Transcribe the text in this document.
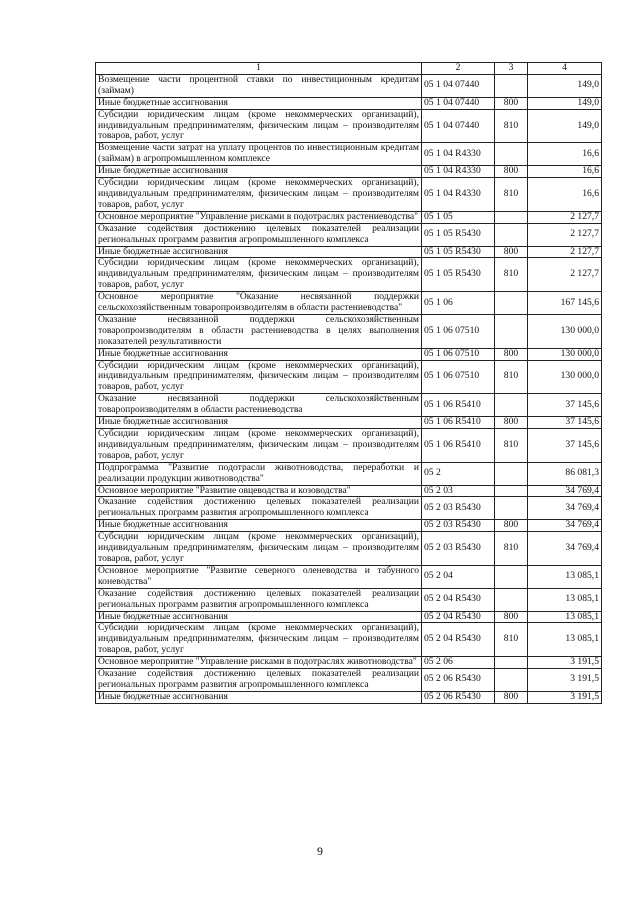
1	2	3	4
Возмещение части процентной ставки по инвестиционным кредитам (займам)	05 1 04 07440		149,0
Иные бюджетные ассигнования	05 1 04 07440	800	149,0
Субсидии юридическим лицам (кроме некоммерческих организаций), индивидуальным предпринимателям, физическим лицам – производителям товаров, работ, услуг	05 1 04 07440	810	149,0
Возмещение части затрат на уплату процентов по инвестиционным кредитам (займам) в агропромышленном комплексе	05 1 04 R4330		16,6
Иные бюджетные ассигнования	05 1 04 R4330	800	16,6
Субсидии юридическим лицам (кроме некоммерческих организаций), индивидуальным предпринимателям, физическим лицам – производителям товаров, работ, услуг	05 1 04 R4330	810	16,6
Основное мероприятие "Управление рисками в подотраслях растениеводства"	05 1 05		2 127,7
Оказание содействия достижению целевых показателей реализации региональных программ развития агропромышленного комплекса	05 1 05 R5430		2 127,7
Иные бюджетные ассигнования	05 1 05 R5430	800	2 127,7
Субсидии юридическим лицам (кроме некоммерческих организаций), индивидуальным предпринимателям, физическим лицам – производителям товаров, работ, услуг	05 1 05 R5430	810	2 127,7
Основное мероприятие "Оказание несвязанной поддержки сельскохозяйственным товаропроизводителям в области растениеводства"	05 1 06		167 145,6
Оказание несвязанной поддержки сельскохозяйственным товаропроизводителям в области растениеводства в целях выполнения показателей результативности	05 1 06 07510		130 000,0
Иные бюджетные ассигнования	05 1 06 07510	800	130 000,0
Субсидии юридическим лицам (кроме некоммерческих организаций), индивидуальным предпринимателям, физическим лицам – производителям товаров, работ, услуг	05 1 06 07510	810	130 000,0
Оказание несвязанной поддержки сельскохозяйственным товаропроизводителям в области растениеводства	05 1 06 R5410		37 145,6
Иные бюджетные ассигнования	05 1 06 R5410	800	37 145,6
Субсидии юридическим лицам (кроме некоммерческих организаций), индивидуальным предпринимателям, физическим лицам – производителям товаров, работ, услуг	05 1 06 R5410	810	37 145,6
Подпрограмма "Развитие подотрасли животноводства, переработки и реализации продукции животноводства"	05 2		86 081,3
Основное мероприятие "Развитие овцеводства и козоводства"	05 2 03		34 769,4
Оказание содействия достижению целевых показателей реализации региональных программ развития агропромышленного комплекса	05 2 03 R5430		34 769,4
Иные бюджетные ассигнования	05 2 03 R5430	800	34 769,4
Субсидии юридическим лицам (кроме некоммерческих организаций), индивидуальным предпринимателям, физическим лицам – производителям товаров, работ, услуг	05 2 03 R5430	810	34 769,4
Основное мероприятие "Развитие северного оленеводства и табунного коневодства"	05 2 04		13 085,1
Оказание содействия достижению целевых показателей реализации региональных программ развития агропромышленного комплекса	05 2 04 R5430		13 085,1
Иные бюджетные ассигнования	05 2 04 R5430	800	13 085,1
Субсидии юридическим лицам (кроме некоммерческих организаций), индивидуальным предпринимателям, физическим лицам – производителям товаров, работ, услуг	05 2 04 R5430	810	13 085,1
Основное мероприятие "Управление рисками в подотраслях животноводства"	05 2 06		3 191,5
Оказание содействия достижению целевых показателей реализации региональных программ развития агропромышленного комплекса	05 2 06 R5430		3 191,5
Иные бюджетные ассигнования	05 2 06 R5430	800	3 191,5
9
